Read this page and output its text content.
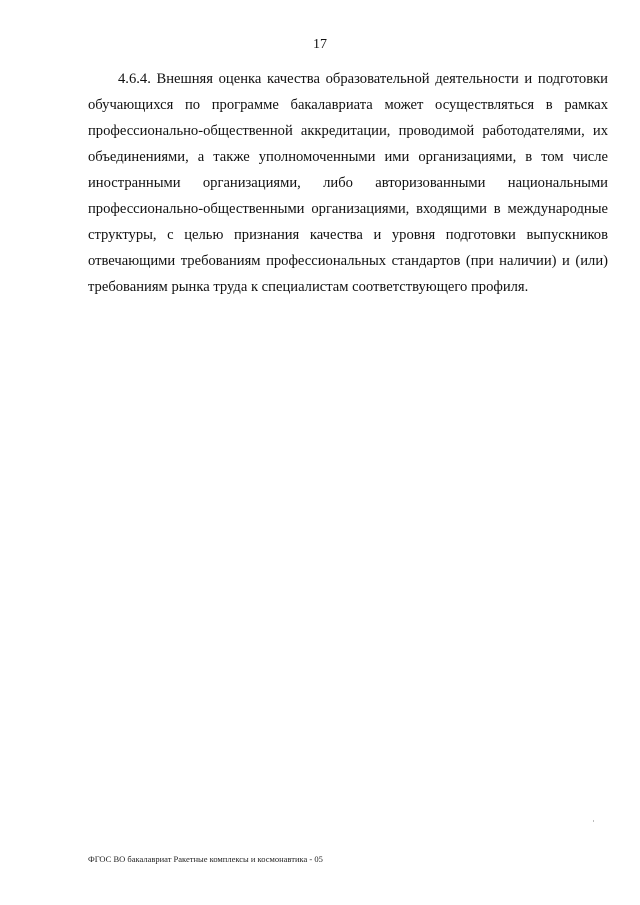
17
4.6.4. Внешняя оценка качества образовательной деятельности и подготовки
обучающихся по программе бакалавриата может осуществляться в рамках
профессионально-общественной аккредитации, проводимой работодателями, их
объединениями, а также уполномоченными ими организациями, в том числе
иностранными организациями, либо авторизованными национальными
профессионально-общественными организациями, входящими в международные
структуры, с целью признания качества и уровня подготовки выпускников
отвечающими требованиям профессиональных стандартов (при наличии) и (или)
требованиям рынка труда к специалистам соответствующего профиля.
ФГОС ВО бакалавриат Ракетные комплексы и космонавтика - 05
